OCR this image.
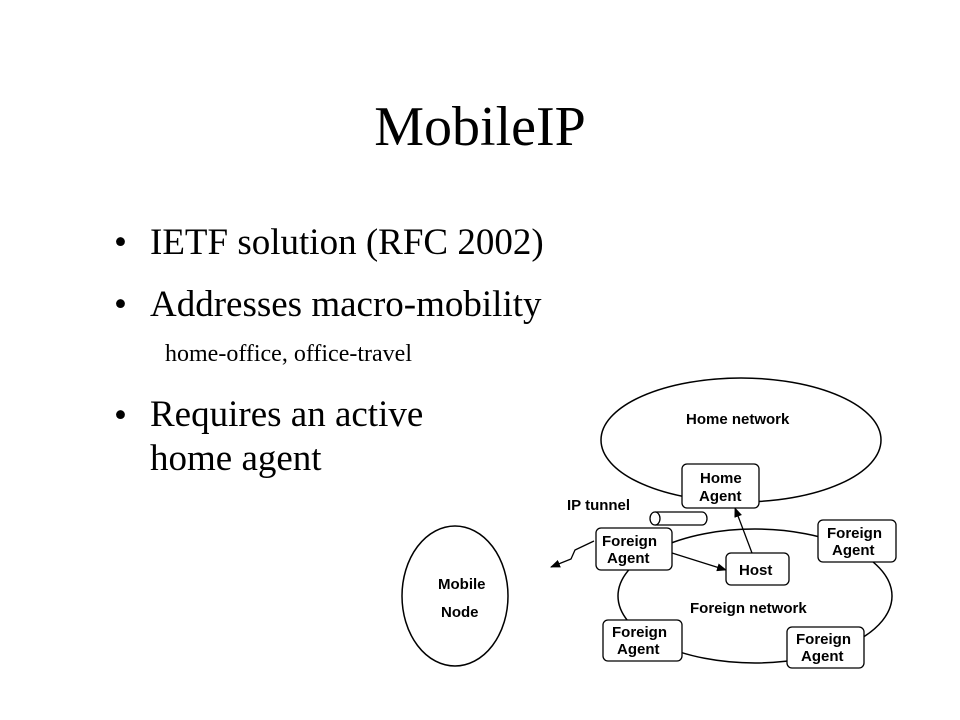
MobileIP
• IETF solution (RFC 2002)
• Addresses macro-mobility
home-office, office-travel
• Requires an active
home agent
Home network
Foreign network
Mobile
Node
IP tunnel
Home
Agent
Foreign
Agent
Host
Foreign
Agent
Foreign
Agent
Foreign
Agent
